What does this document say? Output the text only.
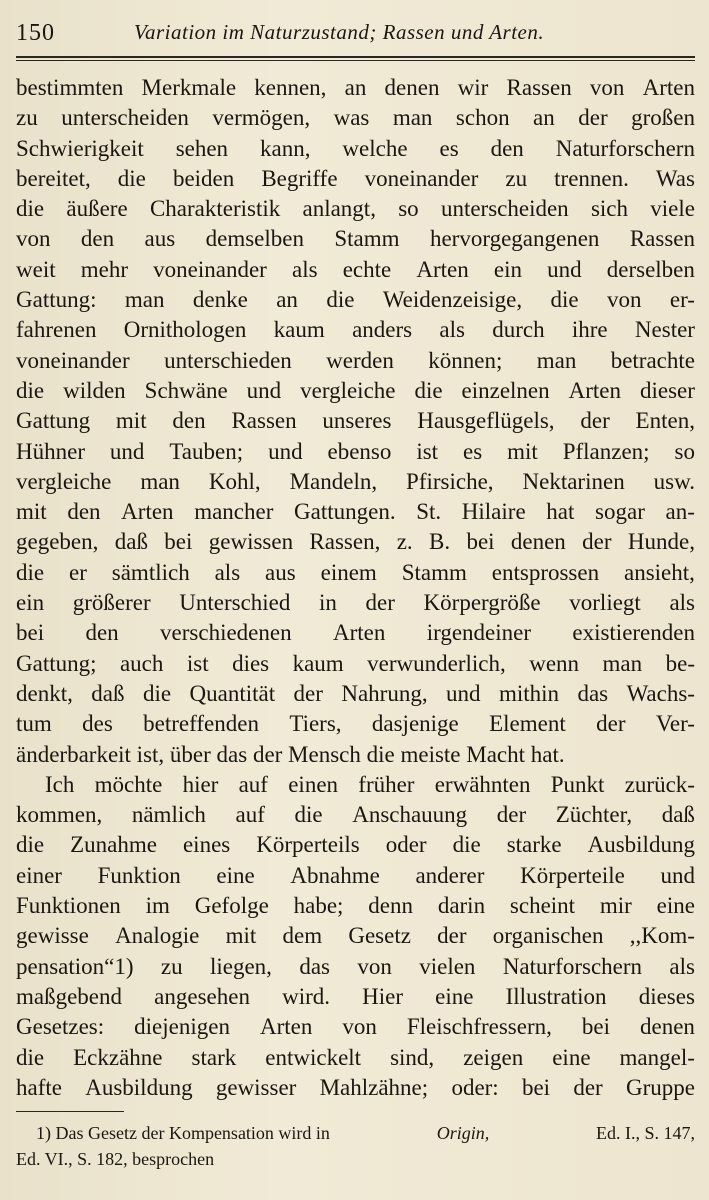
150	Variation im Naturzustand; Rassen und Arten.
bestimmten Merkmale kennen, an denen wir Rassen von Arten
zu unterscheiden vermögen, was man schon an der großen
Schwierigkeit sehen kann, welche es den Naturforschern
bereitet, die beiden Begriffe voneinander zu trennen. Was
die äußere Charakteristik anlangt, so unterscheiden sich viele
von den aus demselben Stamm hervorgegangenen Rassen
weit mehr voneinander als echte Arten ein und derselben
Gattung: man denke an die Weidenzeisige, die von er-
fahrenen Ornithologen kaum anders als durch ihre Nester
voneinander unterschieden werden können; man betrachte
die wilden Schwäne und vergleiche die einzelnen Arten dieser
Gattung mit den Rassen unseres Hausgeflügels, der Enten,
Hühner und Tauben; und ebenso ist es mit Pflanzen; so
vergleiche man Kohl, Mandeln, Pfirsiche, Nektarinen usw.
mit den Arten mancher Gattungen. St. Hilaire hat sogar an-
gegeben, daß bei gewissen Rassen, z. B. bei denen der Hunde,
die er sämtlich als aus einem Stamm entsprossen ansieht,
ein größerer Unterschied in der Körpergröße vorliegt als
bei den verschiedenen Arten irgendeiner existierenden
Gattung; auch ist dies kaum verwunderlich, wenn man be-
denkt, daß die Quantität der Nahrung, und mithin das Wachs-
tum des betreffenden Tiers, dasjenige Element der Ver-
änderbarkeit ist, über das der Mensch die meiste Macht hat.
Ich möchte hier auf einen früher erwähnten Punkt zurück-
kommen, nämlich auf die Anschauung der Züchter, daß
die Zunahme eines Körperteils oder die starke Ausbildung
einer Funktion eine Abnahme anderer Körperteile und
Funktionen im Gefolge habe; denn darin scheint mir eine
gewisse Analogie mit dem Gesetz der organischen ,,Kom-
pensation“1) zu liegen, das von vielen Naturforschern als
maßgebend angesehen wird. Hier eine Illustration dieses
Gesetzes: diejenigen Arten von Fleischfressern, bei denen
die Eckzähne stark entwickelt sind, zeigen eine mangel-
hafte Ausbildung gewisser Mahlzähne; oder: bei der Gruppe
1) Das Gesetz der Kompensation wird in	Origin,	Ed. I., S. 147,
Ed. VI., S. 182, besprochen
